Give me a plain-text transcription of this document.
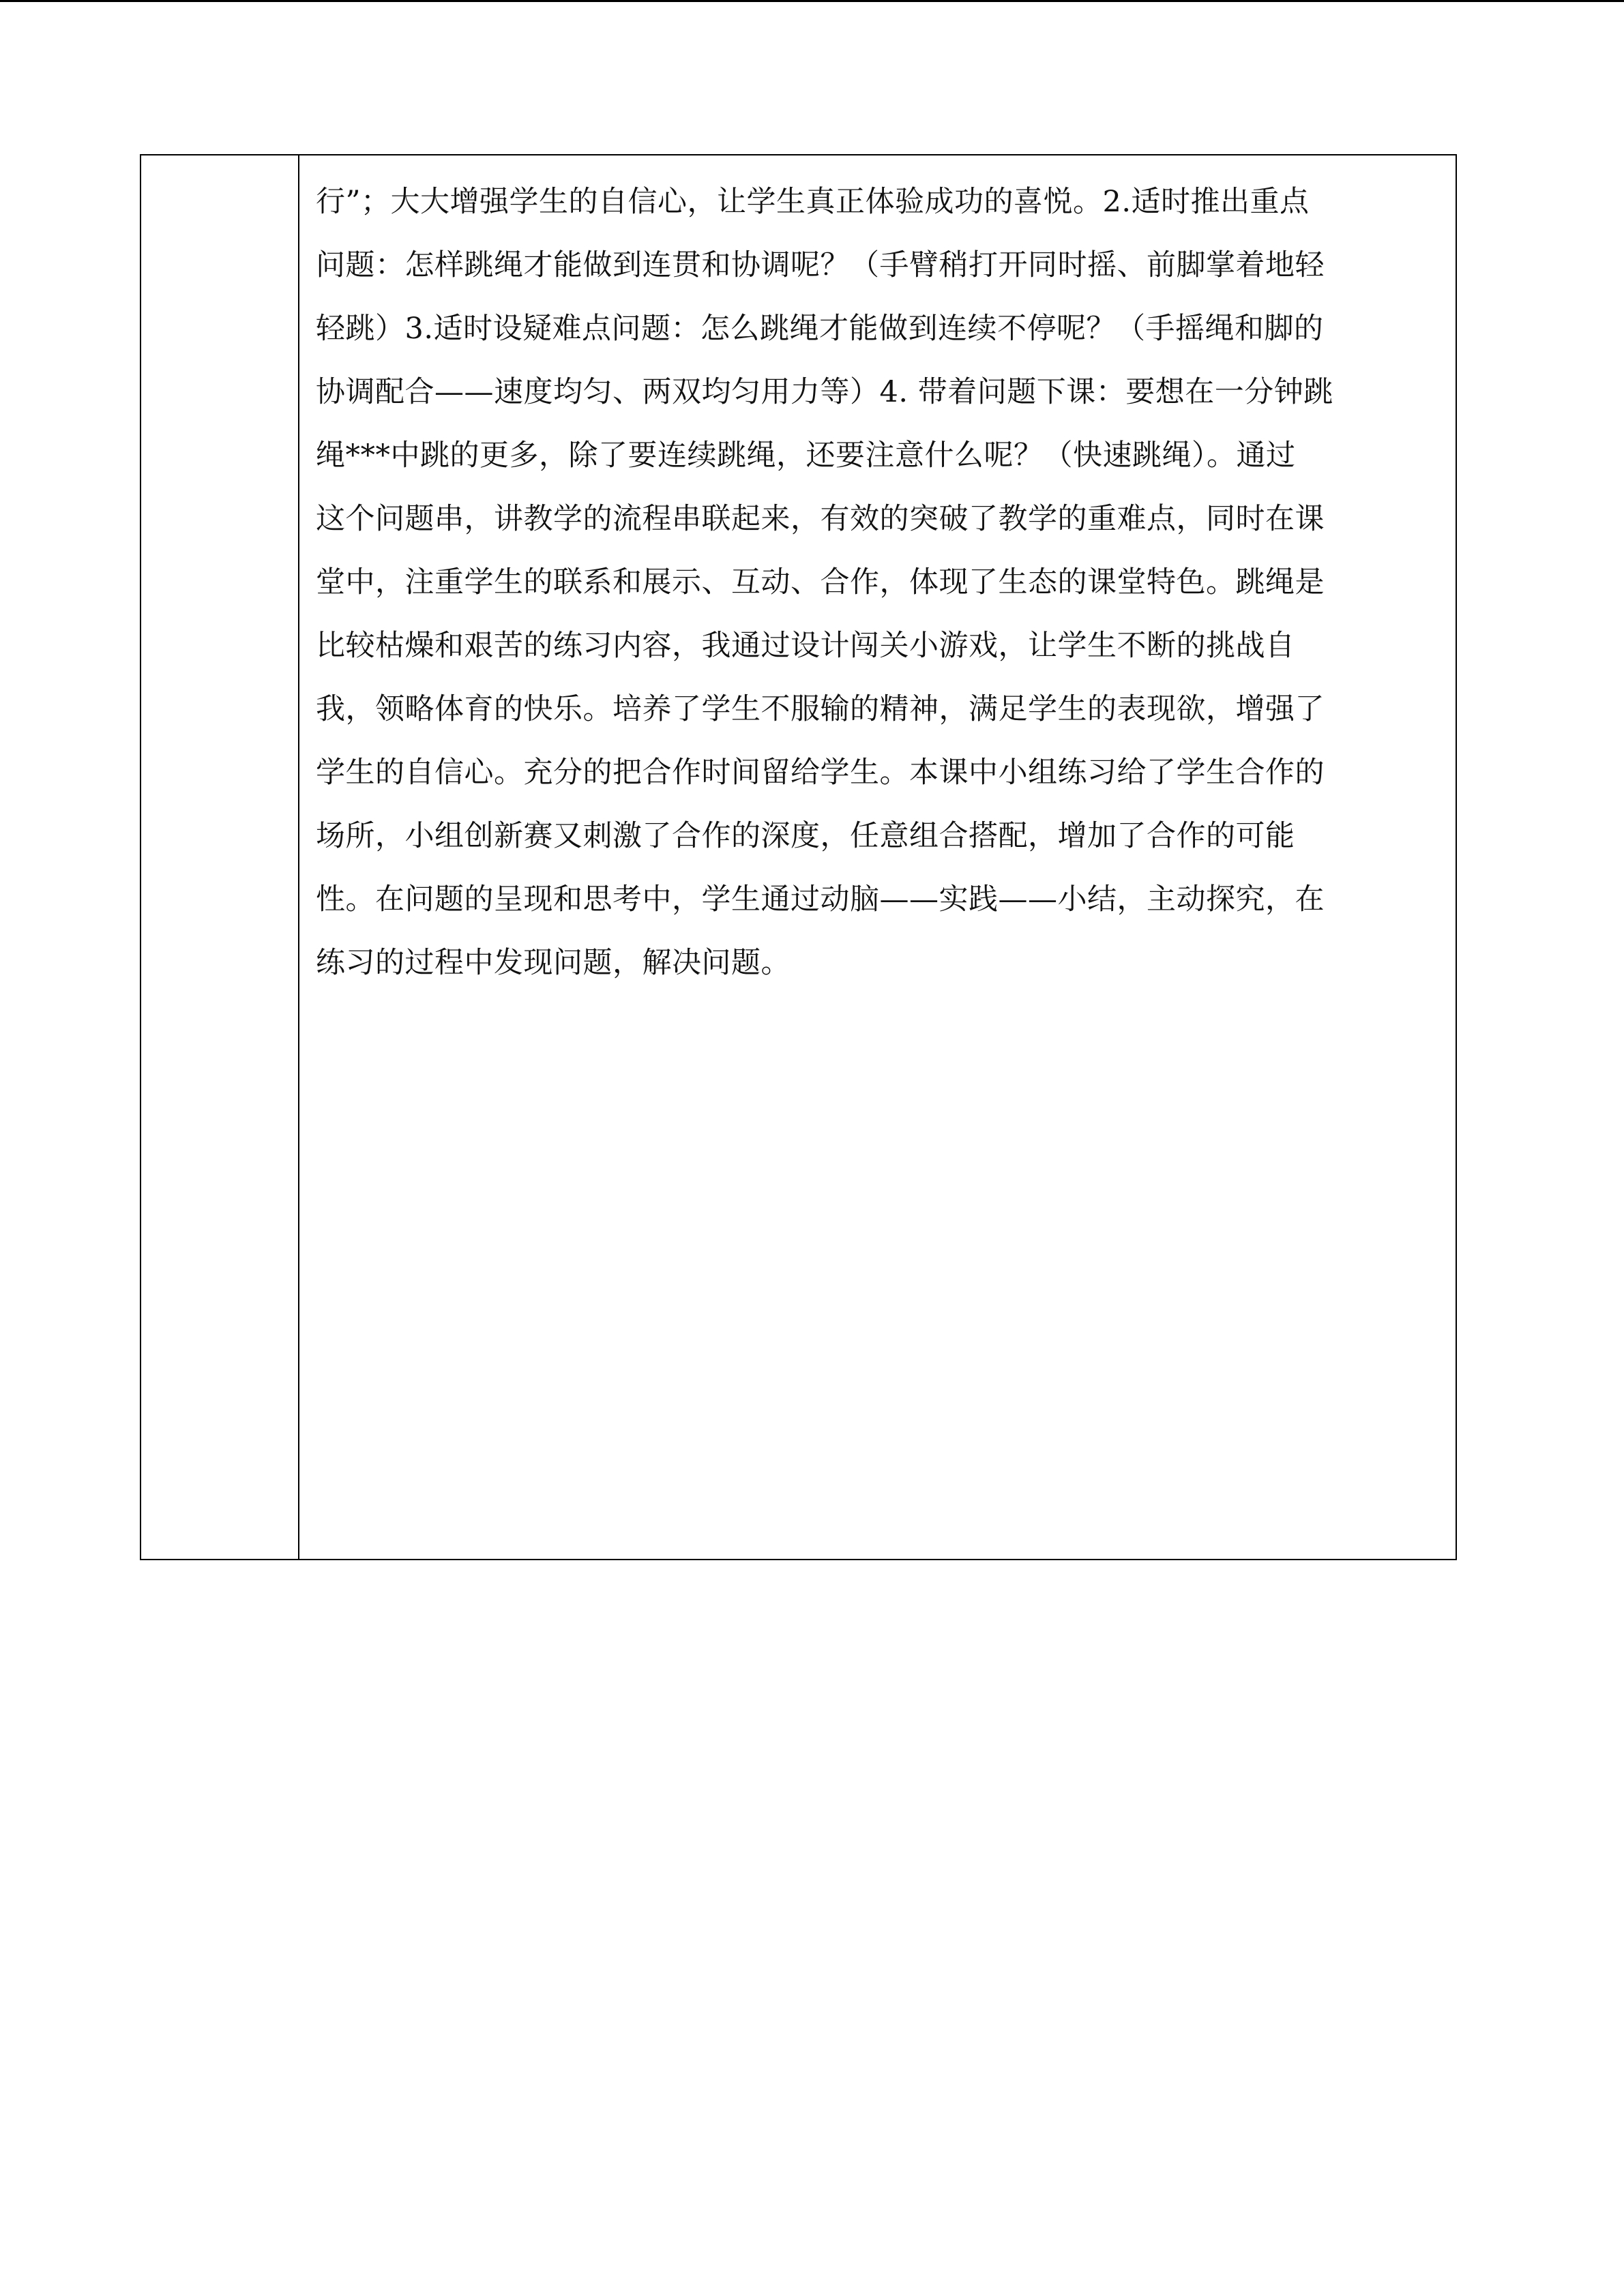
行”；大大增强学生的自信心，让学生真正体验成功的喜悦。2.适时推出重点
问题：怎样跳绳才能做到连贯和协调呢？（手臂稍打开同时摇、前脚掌着地轻
轻跳）3.适时设疑难点问题：怎么跳绳才能做到连续不停呢？（手摇绳和脚的
协调配合——速度均匀、两双均匀用力等）4. 带着问题下课：要想在一分钟跳
绳***中跳的更多，除了要连续跳绳，还要注意什么呢？（快速跳绳）。通过
这个问题串，讲教学的流程串联起来，有效的突破了教学的重难点，同时在课
堂中，注重学生的联系和展示、互动、合作，体现了生态的课堂特色。跳绳是
比较枯燥和艰苦的练习内容，我通过设计闯关小游戏，让学生不断的挑战自
我，领略体育的快乐。培养了学生不服输的精神，满足学生的表现欲，增强了
学生的自信心。充分的把合作时间留给学生。本课中小组练习给了学生合作的
场所，小组创新赛又刺激了合作的深度，任意组合搭配，增加了合作的可能
性。在问题的呈现和思考中，学生通过动脑——实践——小结，主动探究，在
练习的过程中发现问题，解决问题。
